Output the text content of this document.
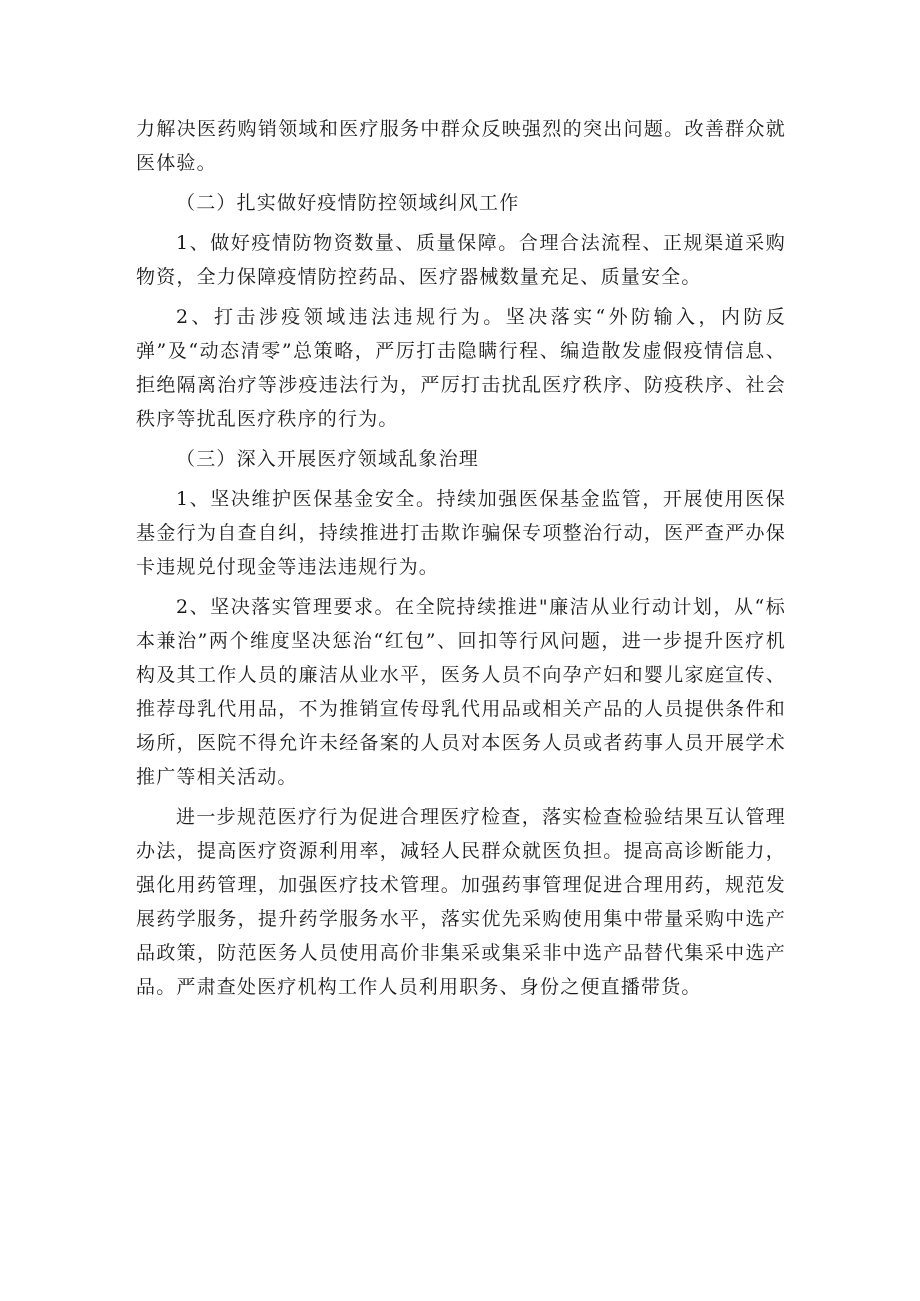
力解决医药购销领域和医疗服务中群众反映强烈的突出问题。改善群众就医体验。

（二）扎实做好疫情防控领域纠风工作

1、做好疫情防物资数量、质量保障。合理合法流程、正规渠道采购物资，全力保障疫情防控药品、医疗器械数量充足、质量安全。

2、打击涉疫领域违法违规行为。坚决落实“外防输入，内防反弹”及“动态清零”总策略，严厉打击隐瞒行程、编造散发虚假疫情信息、拒绝隔离治疗等涉疫违法行为，严厉打击扰乱医疗秩序、防疫秩序、社会秩序等扰乱医疗秩序的行为。

（三）深入开展医疗领域乱象治理

1、坚决维护医保基金安全。持续加强医保基金监管，开展使用医保基金行为自查自纠，持续推进打击欺诈骗保专项整治行动，医严查严办保卡违规兑付现金等违法违规行为。

2、坚决落实管理要求。在全院持续推进"廉洁从业行动计划，从“标本兼治”两个维度坚决惩治“红包”、回扣等行风问题，进一步提升医疗机构及其工作人员的廉洁从业水平，医务人员不向孕产妇和婴儿家庭宣传、推荐母乳代用品，不为推销宣传母乳代用品或相关产品的人员提供条件和场所，医院不得允许未经备案的人员对本医务人员或者药事人员开展学术推广等相关活动。

进一步规范医疗行为促进合理医疗检查，落实检查检验结果互认管理办法，提高医疗资源利用率，减轻人民群众就医负担。提高高诊断能力，强化用药管理，加强医疗技术管理。加强药事管理促进合理用药，规范发展药学服务，提升药学服务水平，落实优先采购使用集中带量采购中选产品政策，防范医务人员使用高价非集采或集采非中选产品替代集采中选产品。严肃查处医疗机构工作人员利用职务、身份之便直播带货。
